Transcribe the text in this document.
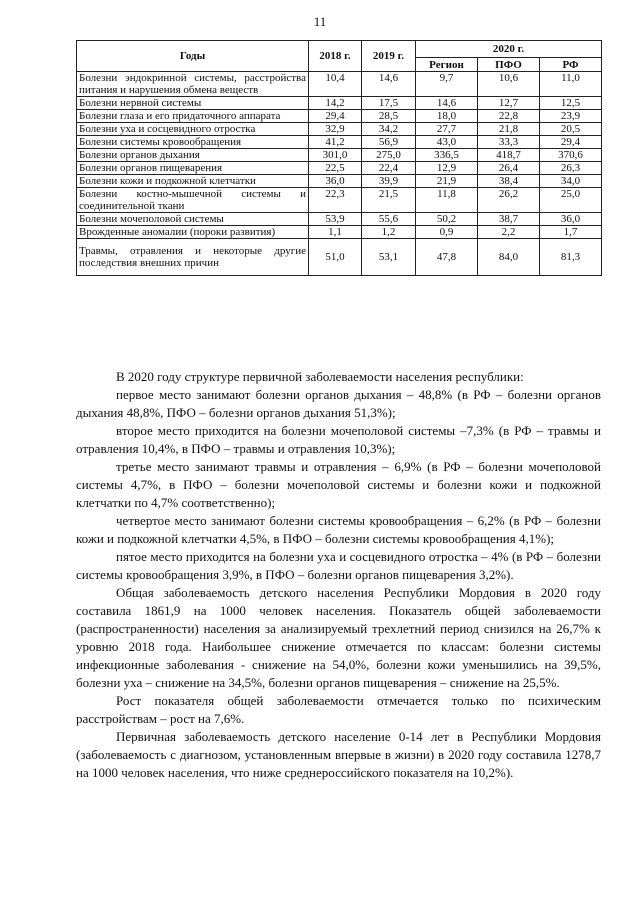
11
Годы	2018 г.	2019 г.	2020 г.		
			Регион	ПФО	РФ
Болезни эндокринной системы, расстройства питания и нарушения обмена веществ	10,4	14,6	9,7	10,6	11,0
Болезни нервной системы	14,2	17,5	14,6	12,7	12,5
Болезни глаза и его придаточного аппарата	29,4	28,5	18,0	22,8	23,9
Болезни уха и сосцевидного отростка	32,9	34,2	27,7	21,8	20,5
Болезни системы кровообращения	41,2	56,9	43,0	33,3	29,4
Болезни органов дыхания	301,0	275,0	336,5	418,7	370,6
Болезни органов пищеварения	22,5	22,4	12,9	26,4	26,3
Болезни кожи и подкожной клетчатки	36,0	39,9	21,9	38,4	34,0
Болезни костно-мышечной системы и соединительной ткани	22,3	21,5	11,8	26,2	25,0
Болезни мочеполовой системы	53,9	55,6	50,2	38,7	36,0
Врожденные аномалии (пороки развития)	1,1	1,2	0,9	2,2	1,7
Травмы, отравления и некоторые другие последствия внешних причин	51,0	53,1	47,8	84,0	81,3

В 2020 году структуре первичной заболеваемости населения республики:

первое место занимают болезни органов дыхания – 48,8% (в РФ – болезни органов дыхания 48,8%, ПФО – болезни органов дыхания 51,3%);

второе место приходится на болезни мочеполовой системы –7,3% (в РФ – травмы и отравления 10,4%, в ПФО – травмы и отравления 10,3%);

третье место занимают травмы и отравления – 6,9% (в РФ – болезни мочеполовой системы 4,7%, в ПФО – болезни мочеполовой системы и болезни кожи и подкожной клетчатки по 4,7% соответственно);

четвертое место занимают болезни системы кровообращения – 6,2% (в РФ – болезни кожи и подкожной клетчатки 4,5%, в ПФО – болезни системы кровообращения 4,1%);

пятое место приходится на болезни уха и сосцевидного отростка – 4% (в РФ – болезни системы кровообращения 3,9%, в ПФО – болезни органов пищеварения 3,2%).

Общая заболеваемость детского населения Республики Мордовия в 2020 году составила 1861,9 на 1000 человек населения. Показатель общей заболеваемости (распространенности) населения за анализируемый трехлетний период снизился на 26,7% к уровню 2018 года. Наибольшее снижение отмечается по классам: болезни системы инфекционные заболевания - снижение на 54,0%, болезни кожи уменьшились на 39,5%, болезни уха – снижение на 34,5%, болезни органов пищеварения – снижение на 25,5%.

Рост показателя общей заболеваемости отмечается только по психическим расстройствам – рост на 7,6%.

Первичная заболеваемость детского население 0-14 лет в Республики Мордовия (заболеваемость с диагнозом, установленным впервые в жизни) в 2020 году составила 1278,7 на 1000 человек населения, что ниже среднероссийского показателя на 10,2%).
